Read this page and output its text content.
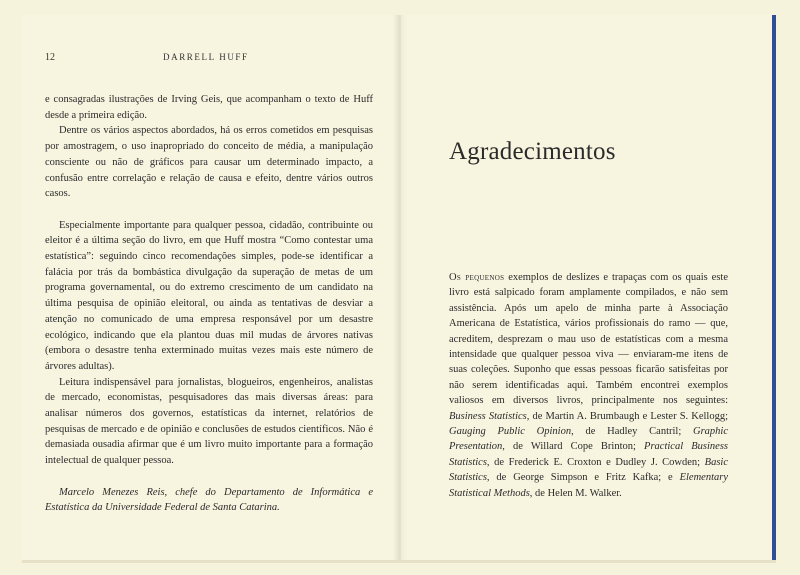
12	DARRELL HUFF

e consagradas ilustrações de Irving Geis, que acompanham o texto de Huff desde a primeira edição.

Dentre os vários aspectos abordados, há os erros cometidos em pesquisas por amostragem, o uso inapropriado do conceito de média, a manipulação consciente ou não de gráficos para causar um determinado impacto, a confusão entre correlação e relação de causa e efeito, dentre vários outros casos.

Especialmente importante para qualquer pessoa, cidadão, contribuinte ou eleitor é a última seção do livro, em que Huff mostra “Como contestar uma estatística”: seguindo cinco recomendações simples, pode-se identificar a falácia por trás da bombástica divulgação da superação de metas de um programa governamental, ou do extremo crescimento de um candidato na última pesquisa de opinião eleitoral, ou ainda as tentativas de desviar a atenção no comunicado de uma empresa responsável por um desastre ecológico, indicando que ela plantou duas mil mudas de árvores nativas (embora o desastre tenha exterminado muitas vezes mais este número de árvores adultas).

Leitura indispensável para jornalistas, blogueiros, engenheiros, analistas de mercado, economistas, pesquisadores das mais diversas áreas: para analisar números dos governos, estatísticas da internet, relatórios de pesquisas de mercado e de opinião e conclusões de estudos científicos. Não é demasiada ousadia afirmar que é um livro muito importante para a formação intelectual de qualquer pessoa.

Marcelo Menezes Reis, chefe do Departamento de Informática e Estatística da Universidade Federal de Santa Catarina.

Agradecimentos

Os pequenos exemplos de deslizes e trapaças com os quais este livro está salpicado foram amplamente compilados, e não sem assistência. Após um apelo de minha parte à Associação Americana de Estatística, vários profissionais do ramo — que, acreditem, desprezam o mau uso de estatísticas com a mesma intensidade que qualquer pessoa viva — enviaram-me itens de suas coleções. Suponho que essas pessoas ficarão satisfeitas por não serem identificadas aqui. Também encontrei exemplos valiosos em diversos livros, principalmente nos seguintes: Business Statistics, de Martin A. Brumbaugh e Lester S. Kellogg; Gauging Public Opinion, de Hadley Cantril; Graphic Presentation, de Willard Cope Brinton; Practical Business Statistics, de Frederick E. Croxton e Dudley J. Cowden; Basic Statistics, de George Simpson e Fritz Kafka; e Elementary Statistical Methods, de Helen M. Walker.
